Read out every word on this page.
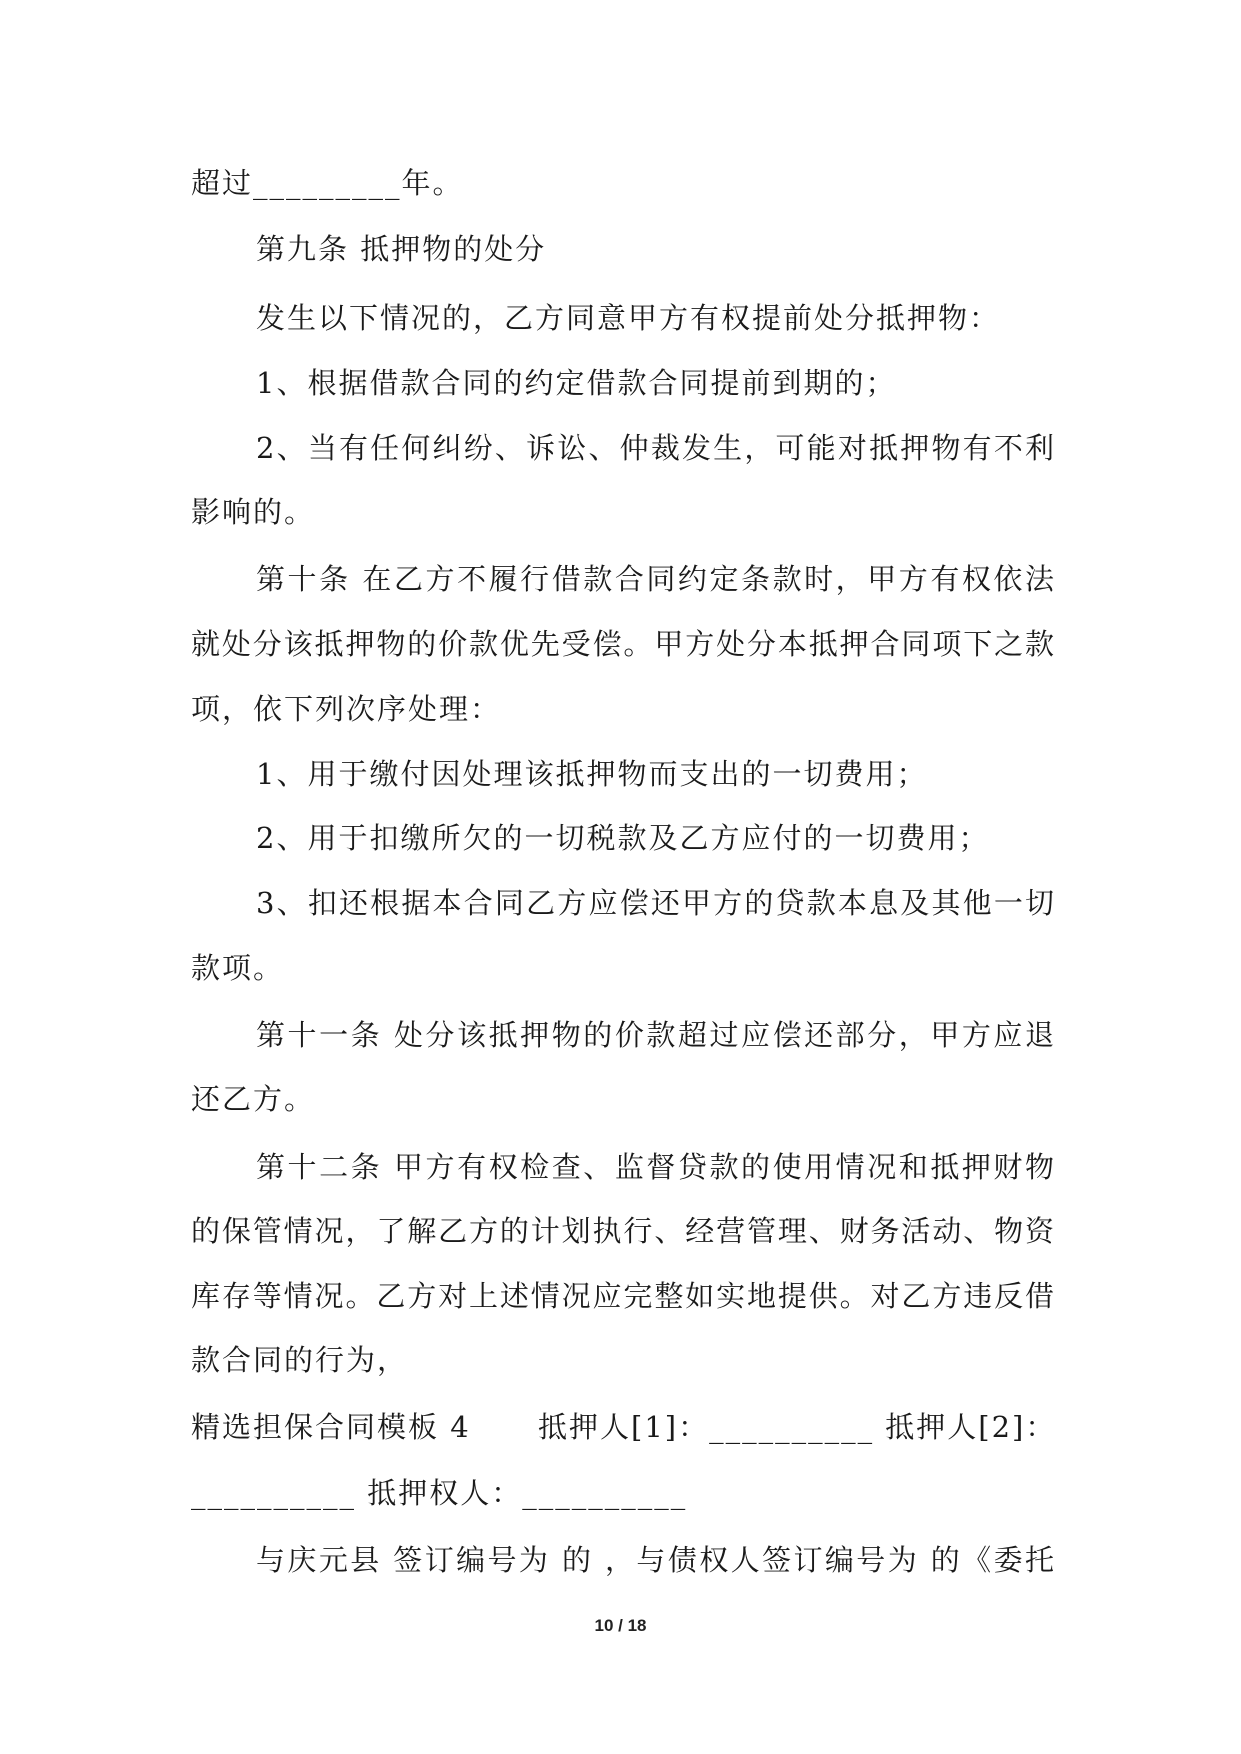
超过_________年。
第九条 抵押物的处分
发生以下情况的，乙方同意甲方有权提前处分抵押物：
1、根据借款合同的约定借款合同提前到期的；
2、当有任何纠纷、诉讼、仲裁发生，可能对抵押物有不利
影响的。
第十条 在乙方不履行借款合同约定条款时，甲方有权依法
就处分该抵押物的价款优先受偿。甲方处分本抵押合同项下之款
项，依下列次序处理：
1、用于缴付因处理该抵押物而支出的一切费用；
2、用于扣缴所欠的一切税款及乙方应付的一切费用；
3、扣还根据本合同乙方应偿还甲方的贷款本息及其他一切
款项。
第十一条 处分该抵押物的价款超过应偿还部分，甲方应退
还乙方。
第十二条 甲方有权检查、监督贷款的使用情况和抵押财物
的保管情况，了解乙方的计划执行、经营管理、财务活动、物资
库存等情况。乙方对上述情况应完整如实地提供。对乙方违反借
款合同的行为，
精选担保合同模板 4	抵押人[1]：__________ 抵押人[2]：
__________ 抵押权人：__________
与庆元县 签订编号为 的 ，与债权人签订编号为 的《委托
10 / 18
